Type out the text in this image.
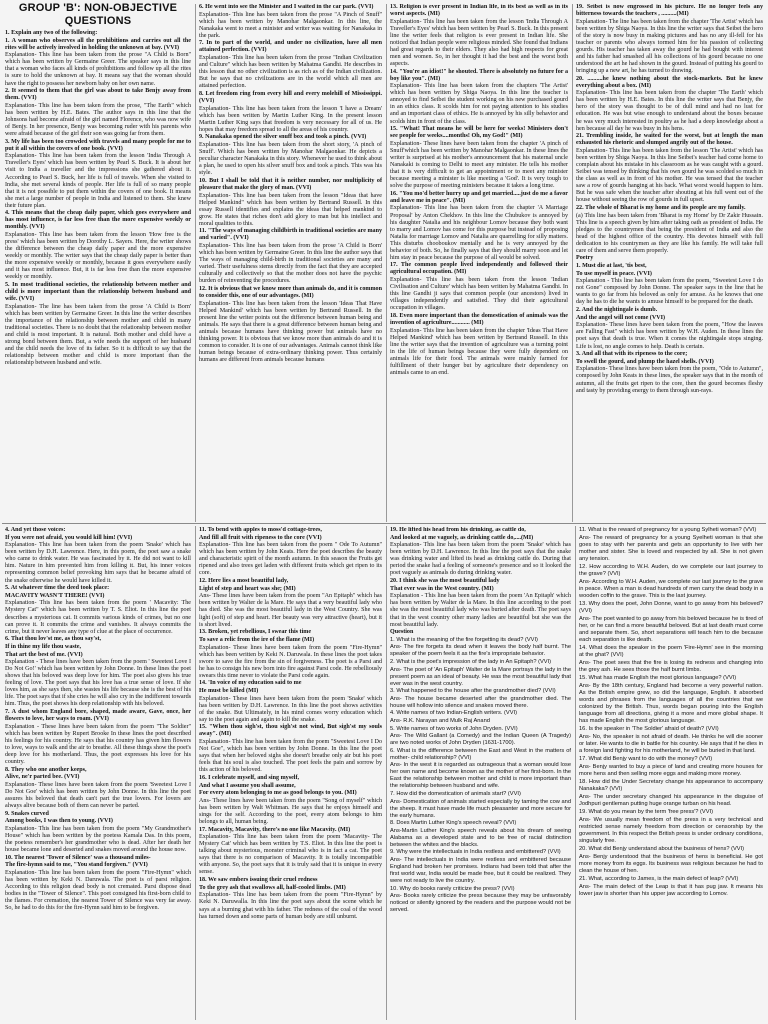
GROUP 'B': NON-OBJECTIVE QUESTIONS

1. Explain any two of the following:

1. A woman who observes all the prohibitions and carries out all the rites will be actively involved in holding the unknown at bay. (VVI)

Explanation- This line has been taken from the prose "A Child is Born" which has been written by Germaine Greer. The speaker says in this line that a woman who faces all kinds of prohibitions and follow up all the rites is sure to hold the unknown at bay. It means say that the woman should have the right to possess her newborn baby on her own name.

2. It seemed to them that the girl was about to take Benjy away from them. (VVI)

Explanation- This line has been taken from the prose, "The Earth" which has been written by H.E. Bates. The author says in this line that the Johnsons had become afraid of the girl named Florence, who was now wife of Benjy. In her presence, Benjy was becoming ruder with his parents who were afraid because of the girl their son was going far from them.

3. My life has been too crowded with travels and many people for me to put it all within the covers of one book. (VVI)

Explanation- This line has been taken from the lesson 'India Through A Traveller's Eyes' which has been written by Pearl S. Buck. It is about her visit to India a traveller and the impressions she gathered about it. According to Pearl S. Buck, her life is full of travels. When she visited to India, she met several kinds of people. Her life is full of so many people that it is not possible to put them within the covers of one book. It means she met a large number of people in India and listened to them. She knew their future plan.

4. This means that the cheap daily paper, which goes everywhere and has most influence, is far less free than the more expensive weekly or monthly. (VVI)

Explanation- This line has been taken from the lesson 'How free is the press' which has been written by Dorothy L. Sayers. Here, the writer shows the difference between the cheap daily paper and the more expensive weekly or monthly. The writer says that the cheap daily paper is better than the more expensive weekly or monthly, because it goes everywhere easily and it has most influence. But, it is far less free than the more expensive weekly or monthly.

5. In most traditional societies, the relationship between mother and child is more important than the relationship between husband and wife. (VVI)

Explanation- The line has been taken from the prose 'A Child is Born' which has been written by Germaine Greer. In this line the writer describes the importance of the relationship between mother and child in many traditional societies. There is no doubt that the relationship between mother and child is most important. It is natural. Both mother and child have a strong bond between them. But, a wife needs the support of her husband and the child needs the love of its father. So it is difficult to say that the relationship between mother and child is more important than the relationship between husband and wife.

6. He went into see the Minister and I waited in the car park. (VVI)

Explanation- This line has been taken from the prose "A Pinch of Snuff" which has been written by Manohar Malgaonkar. In this line, the Nanakaka went to meet a minister and writer was waiting for Nanakaka in the park.

7. In to part of the world, and under no civilization, have all men attained perfection. (VVI)

Explanation- This line has been taken from the prose "Indian Civilization and Culture" which has been written by Mahatma Gandhi. He describes in this lesson that no other civilization is as rich as of the Indian civilization. But he says that no civilizations are in the world which all men are attained perfection.

8. Let freedom ring from every hill and every molehill of Mississippi. (VVI)

Explanation- This line has been taken from the lesson 'I have a Dream' which has been written by Martin Luther King. In the present lesson Martin Luther King says that freedom is very necessary for all of us. He hopes that may freedom spread to all the areas of his country.

9. Nanakaka opened the silver snuff box and took a pinch. (VVI)

Explanation- This line has been taken from the short story, 'A pinch of Snuff'. Which has been written by Manohar Malgaonkar. He depicts a peculiar character Nanakaka in this story. Whenever he used to think about a plan, he used to open his silver snuff box and took a pinch. This was his style.

10. But I shall be told that it is neither number, nor multiplicity of pleasure that make the glory of man. (VVI)

Explanation- This line has been taken from the lesson "Ideas that have Helped Mankind" which has been written by Bertrand Russell. In this essay Russell identifies and explains the ideas that helped mankind to grow. He states that riches don't add glory to man but his intellect and moral qualities to this.

11. "The ways of managing childbirth in traditional societies are many and varied". (VVI)

Explanation- This line has been taken from the prose 'A Child is Born' which has been written by Germaine Greer. In this line the author says that The ways of managing child-birth in traditional societies are many and varied. Their usefulness stems directly from the fact that they are accepted culturally and collectively so that the mother does not have the psychic burden of reinventing the procedures.

12. It is obvious that we know more than animals do, and it is common to consider this, one of our advantages. (MI)

Explanation- This line has been taken from the lesson 'Ideas That Have Helped Mankind' which has been written by Bertrand Russell. In the present line the writer points out the difference between human being and animals. He says that there is a great difference between human being and animals because humans have thinking power but animals have no thinking power. It is obvious that we know more than animals do and it is common to consider. It is one of our advantages. Animals cannot think like human beings because of extra-ordinary thinking power. Thus certainly humans are different from animals because humans

13. Religion is ever present in Indian life, in its best as well as in its worst aspects. (MI)

Explanation- This line has been taken from the lesson 'India Through A Traveller's Eyes' which has been written by Pearl S. Buck. In this present line the writer feels that religion is ever present in Indian life. She noticed that Indian people were religious minded. She found that Indians had great regards to their elders. They also had high respects for great men and women. So, in her thought it had the best and the worst both aspects.

14. "You're an idiot!" he shouted. There is absolutely no future for a boy like you". (MI)

Explanation- This line has been taken from the chapters 'The Artist' which has been written by Shiga Naoya. In this line the teacher is annoyed to find Seibei the student working on his new purchased gourd in an ethics class. It scolds him for not paying attention to his studies and an important class of ethics. He is annoyed by his silly behavior and scolds him in front of the class.

15. "What! That means he will be here for weeks! Ministers don't see people for weeks....months! Oh, my God!" (MI)

Explanation- These lines have been taken from the chapter 'A pinch of Snuff'which has been written by Manohar Malgaonkar. In these lines the writer is surprised at his mother's announcement that his maternal uncle Nanakaki is coming to Delhi to meet any minister. He tells his mother that it is very difficult to get an appointment or to meet any minister because meeting a minister is like meeting a 'God'. It is very tough to solve the purpose of meeting ministers because it takes a long time.

16. "You mo'd better hurry up and get married.....just do me a favor and leave me in peace". (MI)

Explanation- This line has been taken from the chapter 'A Marriage Proposal' by Anton Chekhov. In this line the Chubukov is annoyed by his daughter Natalia and his neighbour Lomov because they both want to marry and Lomov has come for this purpose but instead of proposing Natalia for marriage Lomov and Natalia are quarrelling for silly matters. This disturbs chooboukov mentally and he is very annoyed by the behavior of both. So, he finally says that they should marry soon and let him stay in peace because the purpose of all would be solved.

17. The common people lived independently and followed their agricultural occupation. (MI)

Explanation- This line has been taken from the lesson 'Indian Civilisation and Culture' which has been written by Mahatma Gandhi. In this line Gandhi ji says that common people (our ancestors) lived in villages independently and satisfied. They did their agricultural occupation in villages.

18. Even more important than the domestication of animals was the invention of agriculture............ (MI)

Explanation- This line has been taken from the chapter 'Ideas That Have Helped Mankind' which has been written by Bertrand Russell. In this line the writer says that the invention of agriculture was a turning point in the life of human beings because they were fully dependent on animals life for their food. The animals were mainly farmed for fulfillment of their hunger but by agriculture their dependency on animals came to an end.

19. Seibei is now engrossed in his picture. He no longer feels any bitterness towards the teachers , ..........(MI)

Explanation- The line has been taken from the chapter 'The Artist' which has been written by Shiga Naoya. In this line the writer says that Seibei the hero of the story is now busy in making pictures and has no any ill-fell for his teacher or parents who always tormed him for his passion of collecting gourds. His teacher has taken away the gourd he had bought with interest and his father had smashed all his collections of his gourd because no one understood the art he had shown in the gourd. Instead of putting his gourd to bringing up a new art, he has turned to drawing.

20. ..........he knew nothing about the stock-markets. But he knew everything about a box. (MI)

Explanation- This line has been taken from the chapter 'The Earth' which has been written by H.E. Bates. In this line the writer says that Benjy, the hero of the story was thought to be of dull mind and had no lust for education. He was but wise enough to understand about the boxes because he was very much interested in poultry as he had a deep knowledge about a hen because all day he was busy in his hens.

21. Trembling inside, he waited for the worst, but at length the man exhausted his rhetoric and slumped angrily out of the house.

Explanation- This line has been taken from the lesson 'The Artist' which has been written by Shiga Naoya. In this line Seibei's teacher had come home to complain about his mistake in his classroom as he was caught with a gourd. Seibei was tensed by thinking that his own gourd he was scolded so much in the class as well as in front of his mother. He was tensed that the teacher saw a row of gourds hanging at his back. What worst would happen to him. But he was safe when the teacher after shouting at his full went out of the house without seeing the row of gourds in full upset.

22. The whole of Bharat is my home and its people are my family.

(a) This line has been taken from 'Bharat is my Home' by Dr Zakir Hussain. This line is a speech given by him after taking oath as president of India. He pledges to the countrymen that being the president of India and also the head of the highest office of the country. His devotes himself with full dedication to his countrymen as they are like his family. He will take full care of them and serve them properly.

Poetry

1. Must die at last, 'tis best,

To use myself in peace. (VVI)

Explanation - This line has been taken from the poem, "Sweetest Love I do not Gone" composed by John Donne. The speaker says in the line that he wants to go far from his beloved as only for amuse. As he knows that one day he has to die he wants to amuse himself to be prepared for the death.

2. And the nightingale is dumb.

And the angel will not come (VVI)

Explanation- These lines have been taken from the poem, "How the leaves are Falling Fast" which has been written by W.H. Auden. In these lines the poet says that death is true. When it comes the nightingale stops singing. Life is lost, no angle comes to help. Death is certain.

3. And all that with its ripeness to the core;

To swell the gourd, and plump the hazel shells. (VVI)

Explanation- These lines have been taken from the poem, "Ode to Autumn", composed by John Keats in these lines, the speaker says that in the month of autumn, all the fruits get ripen to the core, then the gourd becomes fleshy and tasty by providing energy to them through sun-rays.

4. And yet those voices:

If you were not afraid, you would kill him! (VVI)

Explanation- This line has been taken from the poem 'Snake' which has been written by D.H. Lawrence. Here, in this poem, the poet saw a snake who came to drink water. He was fascinated by it. He did not want to kill him. Nature in him prevented him from killing it. But, his inner voices representing common belief provoking him says that he became afraid of the snake otherwise he would have killed it.

5. At whatever time the deed took place:

MACAVITY WASN'T THERE! (VVI)

Explanation- This line has been taken from the poem ' Macavity: The Mystery Cat" which has been written by T. S. Eliot. In this line the poet describes a mysterious cat. It commits various kinds of crimes, but no one can prove it. It commits the crime and vanishes. It always commits the crime, but it never leaves any type of clue at the place of occurrence.

6. That thou lov'st me, as thou say'st,

If in thine my life thou waste,

That art the best of me. (VVI)

Explanation - These lines have been taken from the poem ' Sweetest Love I Do Not Go!' which has been written by John Donne. In these lines the poet shows that his beloved was deep love for him. The poet also gives his true feeling of love. The poet says that his love has a true sense of love. If she loves him, as she says then, she wastes his life because she is the best of his life. The poet says that if she cries he will also cry in the indifferent towards him. Thus, the poet shows his deep relationship with his beloved.

7. A dust whom England bore, shaped, made aware, Gave, once, her flowers to love, her ways to roam. (VVI)

Explanation - These lines have been taken from the poem "The Soldier" which has been written by Rupert Brooke In these lines the poet described his feelings for his country. He says that his country has given him flowers to love, ways to walk and the air to breathe. All these things show the poet's deep love for his motherland. Thus, the poet expresses his love for his country.

8. They who one another keeps,

Alive, ne'r parted bee. (VVI)

Explanation- These lines have been taken from the poem 'Sweetest Love I Do Not Goe' which has been written by John Donne. In this line the poet assures his beloved that death can't part the true lovers. For lovers are always alive because both of them can never be parted.

9. Snakes curved

Among books, I was then to young. (VVI)

Explanation- This line has been taken from the poem "My Grandmother's House" which has been written by the poetess Kamala Das. In this poem, the poetess remember's her grandmother who is dead. After her death her house became lone and deserted and snakes moved around the house now.

10. The nearest 'Tower of Silence' was a thousand miles-

The fire-hymn said to me, "You stand forgiven." (VVI)

Explanation- This line has been taken from the poem "Fire-Hymn" which has been written by Keki N. Daruwala. The poet is of parsi religion. According to this religion dead body is not cremated. Parsi dispose dead bodies in the "Tower of Silence". This poet consigned his first-born child to the flames. For cremation, the nearest Tower of Silence was very far away. So, he had to do this for the fire-Hymn said him to be forgiven.

11. To bend with apples to moss'd cottage-trees,

And fill all fruit with ripeness to the core (VVI)

Explanation- This line has been taken from the poem " Ode To Autumn" which has been written by John Keats. Here the poet describes the beauty and characteristic spirit of the month autumn. In this season the Fruits get ripened and also trees get laden with different fruits which get ripen to its core.

12. Here lies a most beautiful lady,

Light of step and heart was she; (MI)

Ans- These lines have been taken from the poem "An Epitaph" which has been written by Walter de la Mare. He says that a very beautiful lady who has died. She was the most beautiful lady in the West Country. She was light (soft) of step and heart. Her beauty was very attractive (heart), but it is short lived.

13. Broken, yet rebellious, I swear this time

To save a relic from the ire of the flame (MI)

Explanation- These lines have been taken from the poem "Fire-Hymn" which has been written by Keki N. Daruwala. In these lines the poet takes swore to save the fire from the sin of forgiveness. The poet is a Parsi and he has to consign his new born into fire against Parsi code. He rebelliously swears this time never to violate the Parsi code again.

14. 'In voice of my education said to me

He must be killed (MI)

Explanation- These lines have been taken from the poem 'Snake' which has been written by D.H. Lawrence. In this line the poet shows activities of the snake. But Ultimately, in his mind comes worry education which say to the poet again and again to kill the snake.

15. "When thou sigh'st, thou sigh'st not wind, But sigh'st my souls away". (MI)

Explanation- This line has been taken from the poem "Sweetest Love I Do Not Goe", which has been written by John Donne. In this line the poet says that when her beloved sighs she doesn't breathe only air but his poet feels that his soul is also touched. The poet feels the pain and sorrow by this action of his beloved.

16. I celebrate myself, and sing myself,

And what I assume you shall assume,

For every atom belonging to me as good belongs to you. (MI)

Ans- These lines have been taken from the poem "Song of myself" which has been written by Walt Whitman. He says that he enjoys himself and sings for the self. According to the poet, every atom belongs to him belongs to all, human being.

17. Macavity, Macavity, there's no one like Macavity. (MI)

Explanation- This line has been taken from the poem 'Macavity- The Mystery Cat' which has been written by T.S. Eliot. In this line the poet is talking about mysterious, monster criminal who is in fact a cat. The poet says that there is no comparison of Macavity. It is totally incompatible with anyone. So, the poet says that it is truly said that it is unique in every sense.

18. We saw embers issuing their cruel redness

To the grey ash that swallows all, half-cooled limbs. (MI)

Explanation- This line has been taken from the poem "Fire-Hymn" by Keki N. Daruwalla. In this line the poet says about the scene which he says at a burning ghat with his father. The redness of the coal of the wood has turned down and some parts of human body are still unburnt.

19. He lifted his head from his drinking, as cattle do,

And looked at me vaguely, as drinking cattle do,....(MI)

Explanation- This line has been taken from the poem 'Snake' which has been written by D.H. Lawrence. In this line the poet says that the snake was drinking water and lifted its head as drinking cattle do. During that period the snake had a feeling of someone's presence and so it looked the poet vaguely as animals do during drinking water.

20. I think she was the most beautiful lady

That ever was in the West country. (MI)

Explanation - This line has been taken from the poem 'An Epitaph' which has been written by Walter de la Mare. In this line according to the poet she was the most beautiful lady who was buried after death. The poet says that in the west country other many ladies are beautiful but she was the most beautiful lady.

Question

1. What is the meaning of the fire forgetting its dead? (VVI)

Ans- The fire forgets its dead when it leaves the body half burnt. The speaker of the poem feels it as the fire's impropriate behavior.

2. What is the poet's impression of the lady in An Epitaph? (VVI)

Ans- The poet of 'An Epitaph' Walter de la Mare portrays the lady in the present poem as an ideal of beauty. He was the most beautiful lady that ever was in the west country.

3. What happened to the house after the grandmother died? (VVI)

Ans- The house became deserted after the grandmother died. The house will hollow into silence and snakes moved there.

4. Write names of two Indian-English writers. (VVI)

Ans- R.K. Narayan and Mulk Raj Anand

5. Write names of two works of John Dryden. (VVI)

Ans- The Wild Gallant (a Comedy) and the Indian Queen (A Tragedy) are two noted works of John Dryden (1631-1700).

6. What is the difference between the East and West in the matters of mother- child relationship? (VVI)

Ans- In the west it is regarded as outrageous that a woman would lose her own name and become known as the mother of her first-born. In the East the relationship between mother and child is more important than the relationship between husband and wife.

7. How did the domestication of animals start? (VVI)

Ans- Domestication of animals started especially by taming the cow and the sheep. It must have made life much pleasanter and more secure for the early humans.

8. Does Martin Luther King's speech reveal? (VVI)

Ans-Martin Luther King's speech reveals about his dream of seeing Alabama as a developed state and to be free of racial distinction between the whites and the blacks.

9. Why were the intellectuals in India restless and embittered? (VVI)

Ans- The intellectuals in India were restless and embittered because England had broken her promises. Indians had been told that after the first world war, India would be made free, but it could be realized. They were not ready to live the country.

10. Why do books rarely criticize the press? (VVI)

Ans- Books rarely criticize the press because they may be unfavorably noticed or silently ignored by the readers and the purpose would not be served.

11. What is the reward of pregnancy for a young Sylheti woman? (VVI)

Ans- The reward of pregnancy for a young Syelheti woman is that she goes to stay with her parents and gets an opportunity to live with her mother and sister. She is loved and respected by all. She is not given any tension.

12. How according to W.H. Auden, do we complete our last journey to the grave? (VVI)

Ans- According to W.H. Auden, we complete our last journey to the grave in peace. When a man is dead hundreds of men carry the dead body in a wooden coffin to the grave. This is the last journey.

13. Why does the poet, John Donne, want to go away from his beloved? (VVI)

Ans- The poet wanted to go away from his beloved because he is tired of her, or he can find a more beautiful beloved. But at last death must come and separate them. So, short separations will teach him to die because each separation is like death.

14. What does the speaker in the poem 'Fire-Hymn' see in the morning at the ghat? (VVI)

Ans- The poet sees that the fire is losing its redness and changing into the grey ash. He sees those the half burnt limbs.

15. What has made English the most glorious language? (VVI)

Ans- By the 18th century, England had become a very powerful nation. As the British empire grew, so did the language, English. It absorbed words and phrases from the languages of all the countries that we colonized by the British. Thus, words began pouring into the English language from all directions, giving it a more and more global shape. It has made English the most glorious language.

16. Is the speaker in 'The Soldier' afraid of death? (VVI)

Ans- No, the speaker is not afraid of death. He thinks he will die sooner or later. He wants to die in battle for his country. He says that if he dies in a foreign land fighting for his motherland, he will be buried in that land.

17. What did Benjy want to do with the money? (VVI)

Ans- Benjy wanted to buy a piece of land and creating more houses for more hens and then selling more eggs and making more money.

18. How did the Under Secretary change his appearance to accompany Nanakaka? (VVI)

Ans- The under secretary changed his appearance in the disguise of Jodhpuri gentleman putting huge orange turban on his head.

19. What do you mean by the term 'free press'? (VVI)

Ans- We usually mean freedom of the press in a very technical and restricted sense namely freedom from direction or censorship by the government. In this respect the British press is under ordinary conditions, singularly free.

20. What did Benjy understand about the business of hens? (VVI)

Ans- Benjy understood that the business of hens is beneficial. He got more money from its eggs. Its business was religious because he had to clean the house of hen.

21. What, according to James, is the main defect of leap? (VVI)

Ans- The main defect of the Leap is that it has pug jaw. It means his lower jaw is shorter than his upper jaw according to Lomov.
